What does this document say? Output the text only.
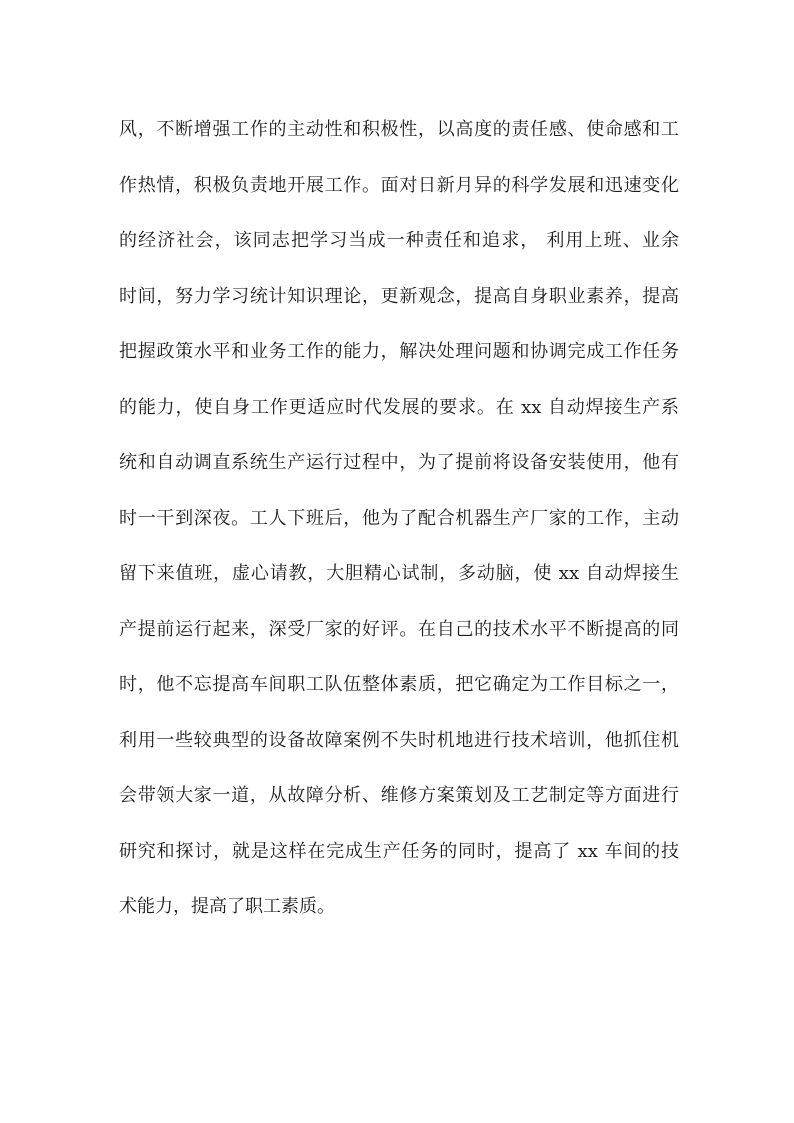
风，不断增强工作的主动性和积极性，以高度的责任感、使命感和工
作热情，积极负责地开展工作。面对日新月异的科学发展和迅速变化
的经济社会，该同志把学习当成一种责任和追求， 利用上班、业余
时间，努力学习统计知识理论，更新观念，提高自身职业素养，提高
把握政策水平和业务工作的能力，解决处理问题和协调完成工作任务
的能力，使自身工作更适应时代发展的要求。在 xx 自动焊接生产系
统和自动调直系统生产运行过程中，为了提前将设备安装使用，他有
时一干到深夜。工人下班后，他为了配合机器生产厂家的工作，主动
留下来值班，虚心请教，大胆精心试制，多动脑，使 xx 自动焊接生
产提前运行起来，深受厂家的好评。在自己的技术水平不断提高的同
时，他不忘提高车间职工队伍整体素质，把它确定为工作目标之一，
利用一些较典型的设备故障案例不失时机地进行技术培训，他抓住机
会带领大家一道，从故障分析、维修方案策划及工艺制定等方面进行
研究和探讨，就是这样在完成生产任务的同时，提高了 xx 车间的技
术能力，提高了职工素质。
